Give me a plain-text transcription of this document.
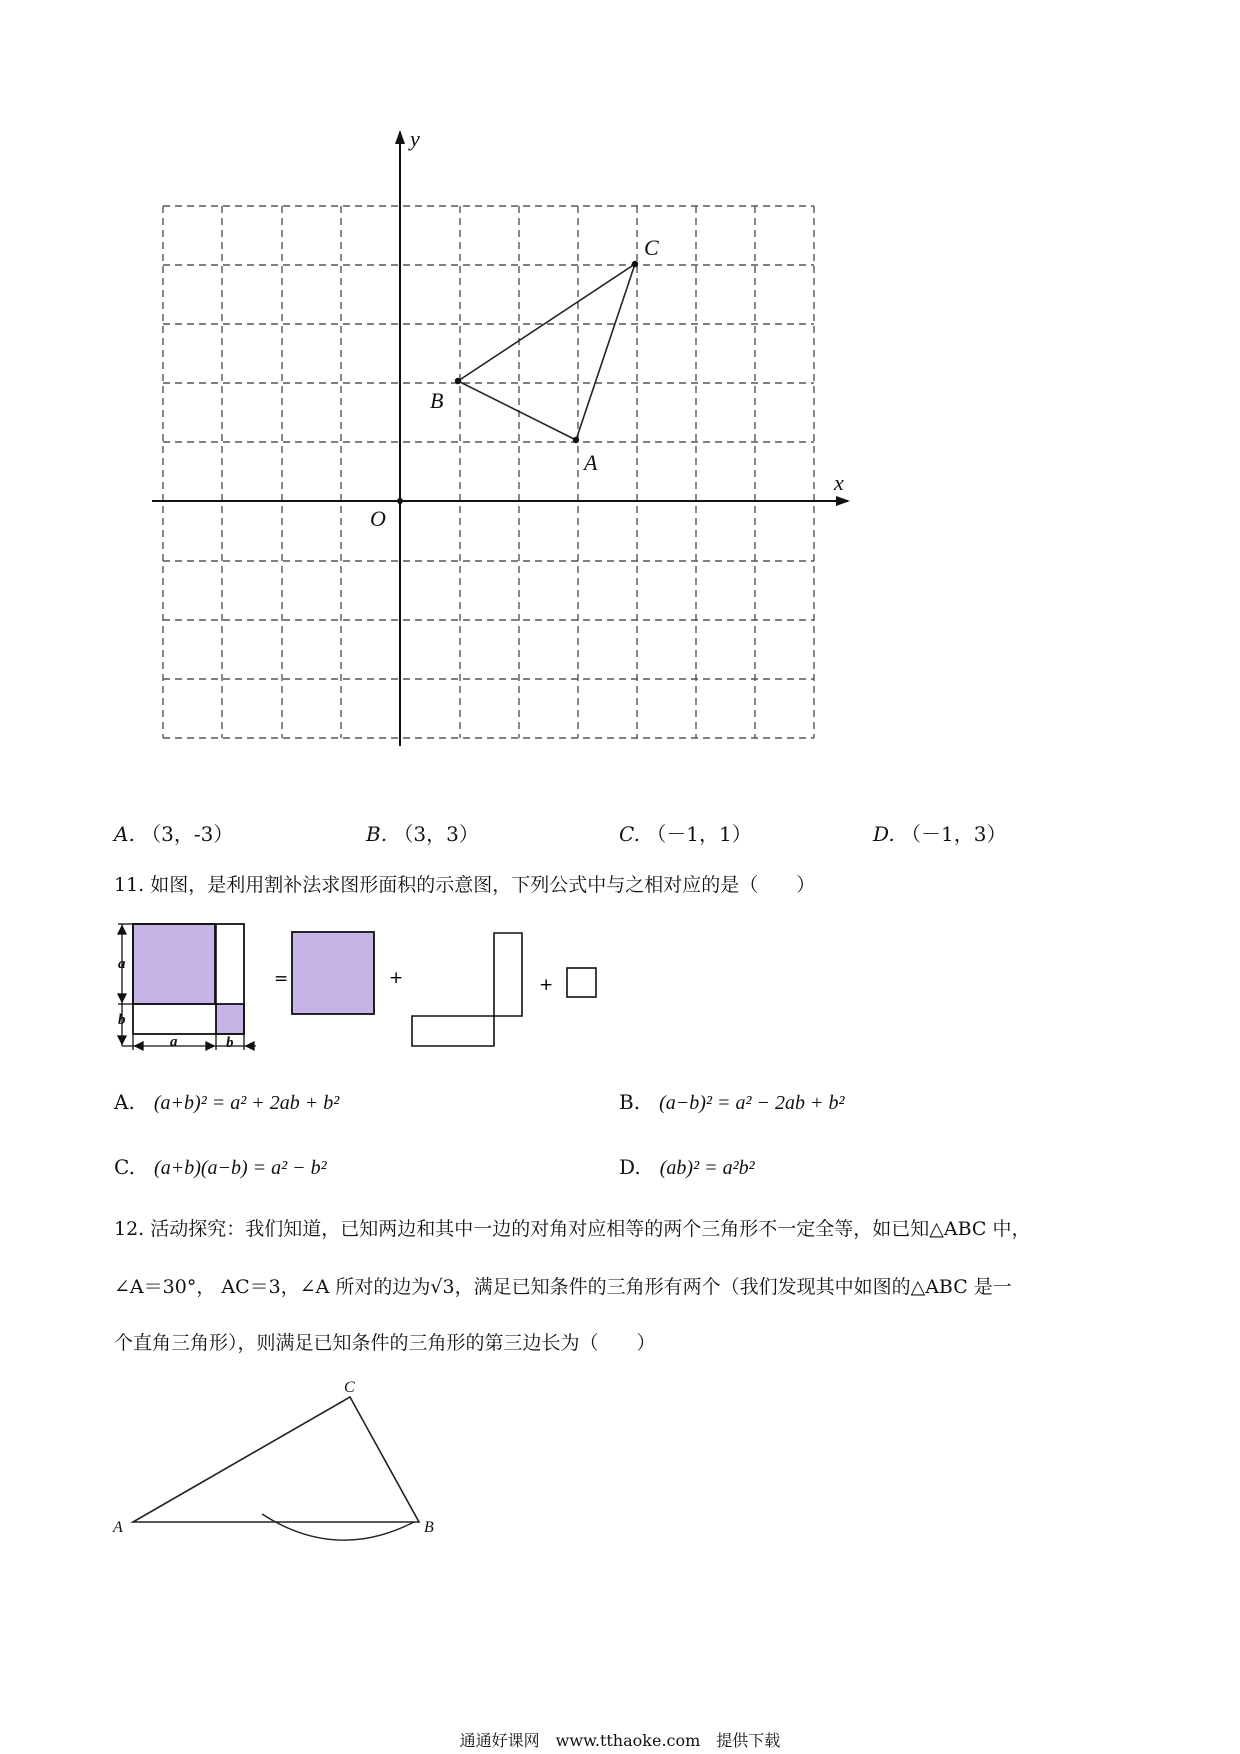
y
x
O
A
B
C
A. （3，-3）	B. （3，3）	C. （－1，1）	D. （－1，3）
11. 如图，是利用割补法求图形面积的示意图，下列公式中与之相对应的是（　　）
a
b
a	b
=	+	+
A. (a+b)² = a² + 2ab + b²	B. (a−b)² = a² − 2ab + b²
C. (a+b)(a−b) = a² − b²	D. (ab)² = a²b²
12. 活动探究：我们知道，已知两边和其中一边的对角对应相等的两个三角形不一定全等，如已知△ABC 中，
∠A＝30°， AC＝3，∠A 所对的边为√3，满足已知条件的三角形有两个（我们发现其中如图的△ABC 是一
个直角三角形），则满足已知条件的三角形的第三边长为（　　）
A	B
C
通通好课网　www.tthaoke.com　提供下载
